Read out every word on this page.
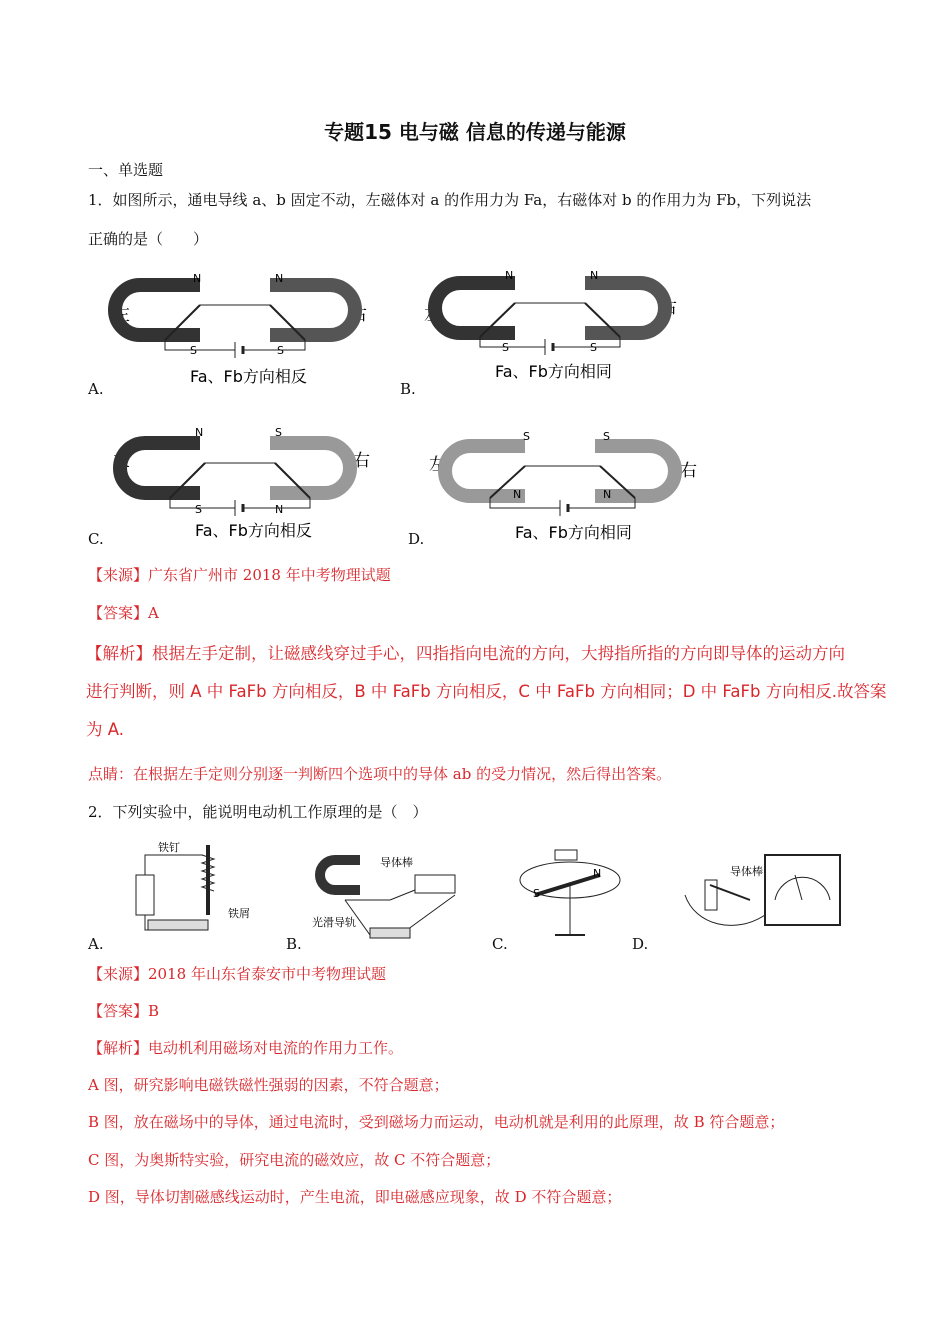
专题15 电与磁 信息的传递与能源
一、单选题
1．如图所示，通电导线 a、b 固定不动，左磁体对 a 的作用力为 Fa，右磁体对 b 的作用力为 Fb，下列说法
正确的是（　　）
左	右
N	N
S	S
Fa、Fb方向相反
A.
左	右
N	N
S	S
Fa、Fb方向相同
B.
左	右
N	S
S	N
Fa、Fb方向相反
C.
左	右
S	S
N	N
Fa、Fb方向相同
D.
【来源】广东省广州市 2018 年中考物理试题
【答案】A
【解析】根据左手定制，让磁感线穿过手心，四指指向电流的方向，大拇指所指的方向即导体的运动方向
进行判断，则 A 中 FaFb 方向相反，B 中 FaFb 方向相反，C 中 FaFb 方向相同；D 中 FaFb 方向相反.故答案
为 A.
点睛：在根据左手定则分别逐一判断四个选项中的导体 ab 的受力情况，然后得出答案。
2．下列实验中，能说明电动机工作原理的是（　）
铁钉
铁屑
A.
导体棒
光滑导轨
B.
S
N
C.
导体棒
D.
【来源】2018 年山东省泰安市中考物理试题
【答案】B
【解析】电动机利用磁场对电流的作用力工作。
A 图，研究影响电磁铁磁性强弱的因素，不符合题意；
B 图，放在磁场中的导体，通过电流时，受到磁场力而运动，电动机就是利用的此原理，故 B 符合题意；
C 图，为奥斯特实验，研究电流的磁效应，故 C 不符合题意；
D 图，导体切割磁感线运动时，产生电流，即电磁感应现象，故 D 不符合题意；
